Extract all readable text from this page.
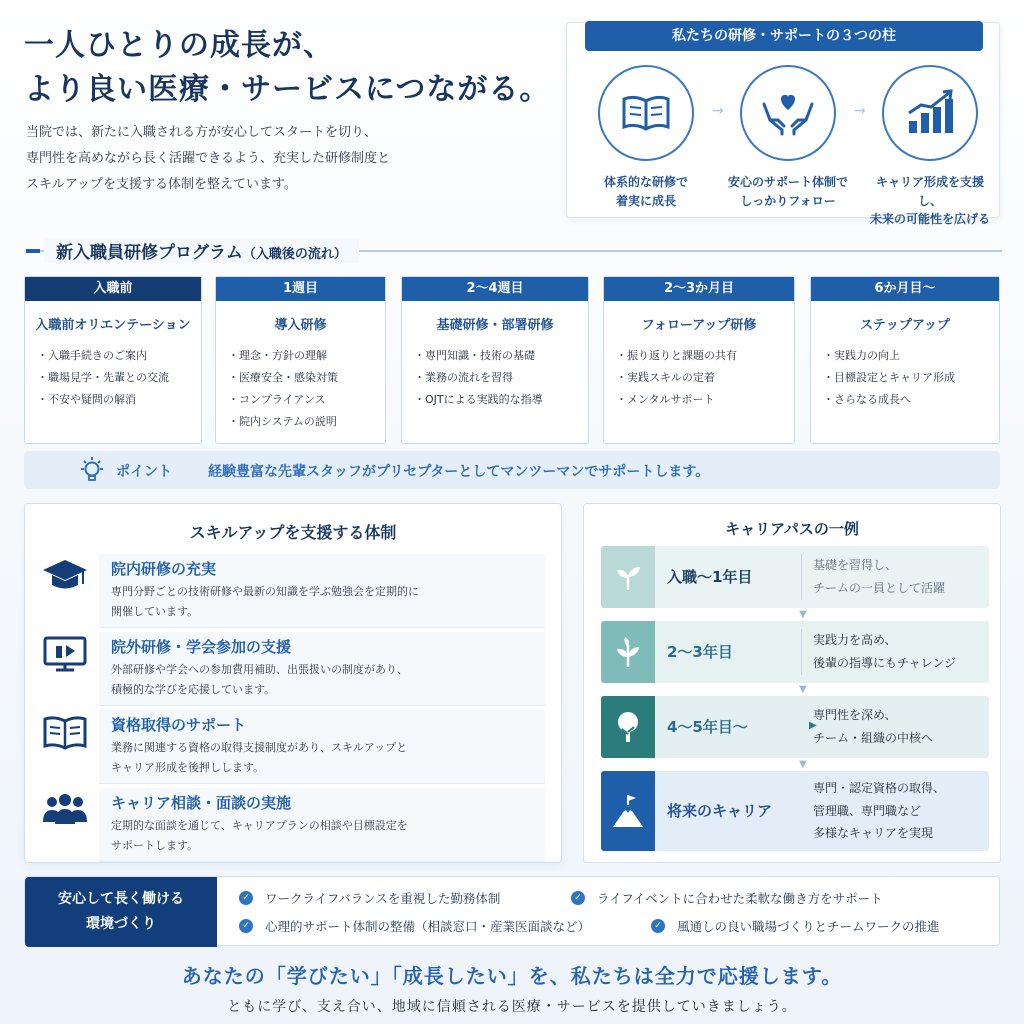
一人ひとりの成長が、
より良い医療・サービスにつながる。
当院では、新たに入職される方が安心してスタートを切り、
専門性を高めながら長く活躍できるよう、充実した研修制度と
スキルアップを支援する体制を整えています。
私たちの研修・サポートの３つの柱
体系的な研修で
着実に成長
→
安心のサポート体制で
しっかりフォロー
→
キャリア形成を支援し、
未来の可能性を広げる
新入職員研修プログラム（入職後の流れ）
入職前
入職前オリエンテーション
・ 入職手続きのご案内
・ 職場見学・先輩との交流
・ 不安や疑問の解消
1週目
導入研修
・ 理念・方針の理解
・ 医療安全・感染対策
・ コンプライアンス
・ 院内システムの説明
2〜4週目
基礎研修・部署研修
・ 専門知識・技術の基礎
・ 業務の流れを習得
・ OJTによる実践的な指導
2〜3か月目
フォローアップ研修
・ 振り返りと課題の共有
・ 実践スキルの定着
・ メンタルサポート
6か月目〜
ステップアップ
・ 実践力の向上
・ 目標設定とキャリア形成
・ さらなる成長へ
ポイント	経験豊富な先輩スタッフがプリセプターとしてマンツーマンでサポートします。
スキルアップを支援する体制
院内研修の充実
専門分野ごとの技術研修や最新の知識を学ぶ勉強会を定期的に
開催しています。
院外研修・学会参加の支援
外部研修や学会への参加費用補助、出張扱いの制度があり、
積極的な学びを応援しています。
資格取得のサポート
業務に関連する資格の取得支援制度があり、スキルアップと
キャリア形成を後押しします。
キャリア相談・面談の実施
定期的な面談を通じて、キャリアプランの相談や目標設定を
サポートします。
キャリアパスの一例
入職〜1年目
基礎を習得し、
チームの一員として活躍
▼
2〜3年目
実践力を高め、
後輩の指導にもチャレンジ
▼
4〜5年目〜	▶
専門性を深め、
チーム・組織の中核へ
▼
将来のキャリア
専門・認定資格の取得、
管理職、専門職など
多様なキャリアを実現
安心して長く働ける
環境づくり
✓ ワークライフバランスを重視した勤務体制	✓ ライフイベントに合わせた柔軟な働き方をサポート
✓ 心理的サポート体制の整備（相談窓口・産業医面談など）	✓ 風通しの良い職場づくりとチームワークの推進
あなたの「学びたい」「成長したい」を、私たちは全力で応援します。
ともに学び、支え合い、地域に信頼される医療・サービスを提供していきましょう。
